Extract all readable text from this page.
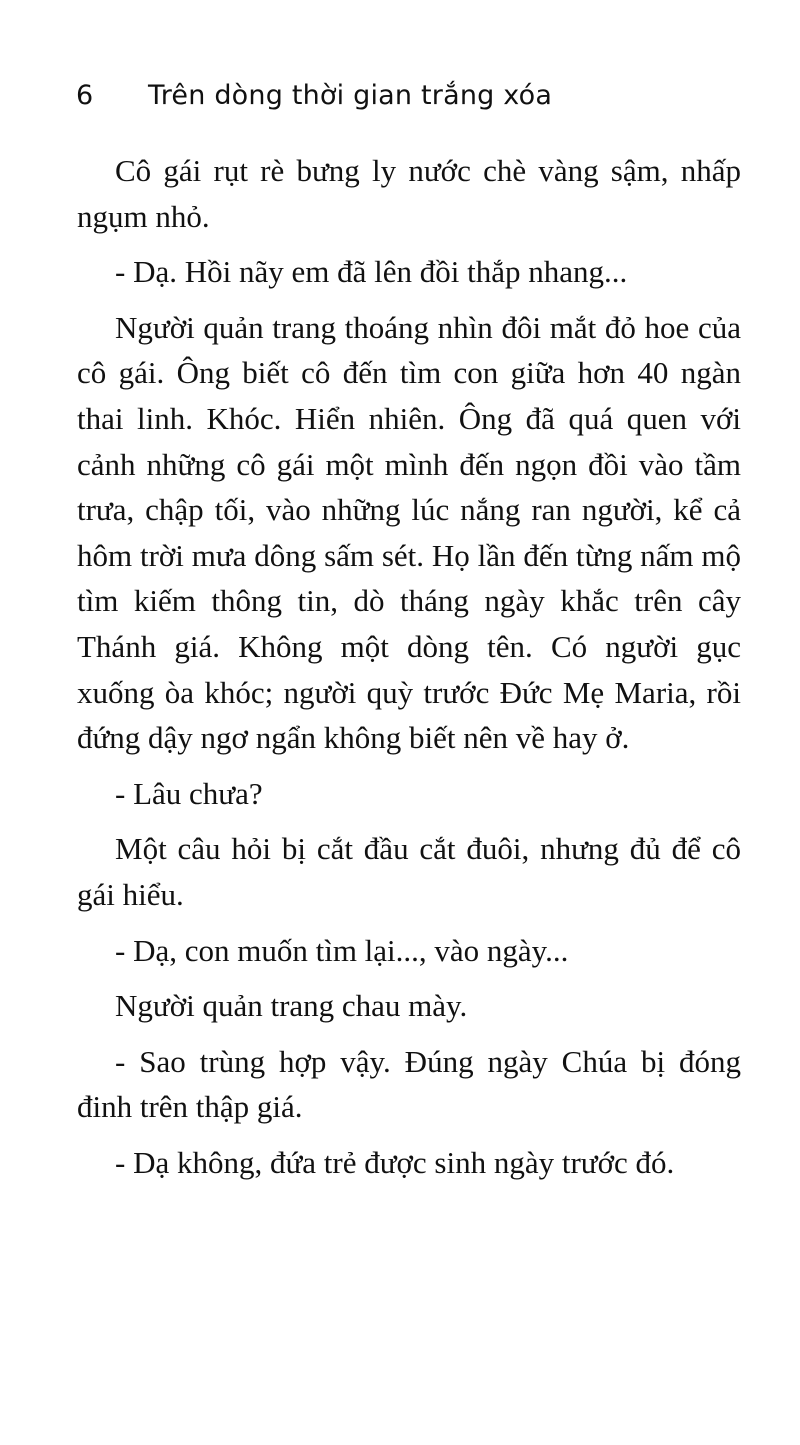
6 Trên dòng thời gian trắng xóa

Cô gái rụt rè bưng ly nước chè vàng sậm, nhấp ngụm nhỏ.

- Dạ. Hồi nãy em đã lên đồi thắp nhang...

Người quản trang thoáng nhìn đôi mắt đỏ hoe của cô gái. Ông biết cô đến tìm con giữa hơn 40 ngàn thai linh. Khóc. Hiển nhiên. Ông đã quá quen với cảnh những cô gái một mình đến ngọn đồi vào tầm trưa, chập tối, vào những lúc nắng ran người, kể cả hôm trời mưa dông sấm sét. Họ lần đến từng nấm mộ tìm kiếm thông tin, dò tháng ngày khắc trên cây Thánh giá. Không một dòng tên. Có người gục xuống òa khóc; người quỳ trước Đức Mẹ Maria, rồi đứng dậy ngơ ngẩn không biết nên về hay ở.

- Lâu chưa?

Một câu hỏi bị cắt đầu cắt đuôi, nhưng đủ để cô gái hiểu.

- Dạ, con muốn tìm lại..., vào ngày...

Người quản trang chau mày.

- Sao trùng hợp vậy. Đúng ngày Chúa bị đóng đinh trên thập giá.

- Dạ không, đứa trẻ được sinh ngày trước đó.
